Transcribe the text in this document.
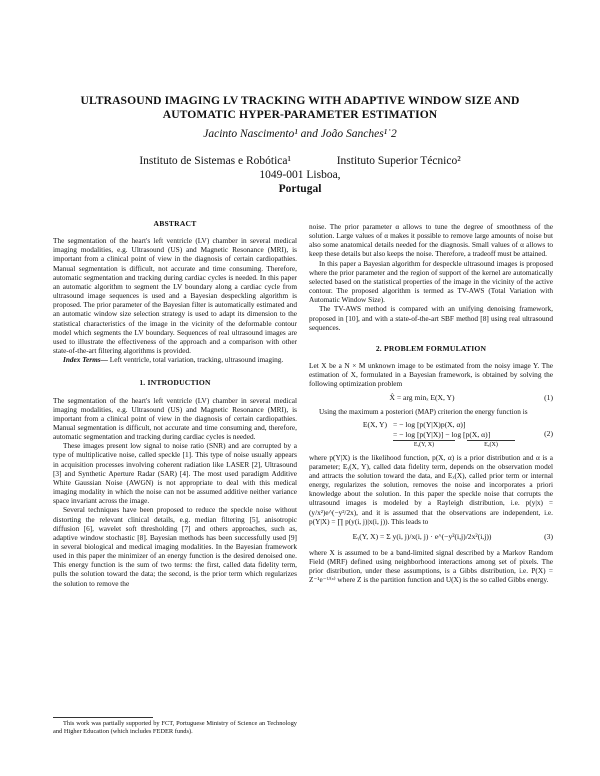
ULTRASOUND IMAGING LV TRACKING WITH ADAPTIVE WINDOW SIZE AND
AUTOMATIC HYPER-PARAMETER ESTIMATION
Jacinto Nascimento¹ and João Sanches¹˙2
Instituto de Sistemas e Robótica¹	Instituto Superior Técnico²
1049-001 Lisboa,
Portugal
ABSTRACT

The segmentation of the heart's left ventricle (LV) chamber in several medical imaging modalities, e.g. Ultrasound (US) and Magnetic Resonance (MRI), is important from a clinical point of view in the diagnosis of certain cardiopathies. Manual segmentation is difficult, not accurate and time consuming. Therefore, automatic segmentation and tracking during cardiac cycles is needed. In this paper an automatic algorithm to segment the LV boundary along a cardiac cycle from ultrasound image sequences is used and a Bayesian despeckling algorithm is proposed. The prior parameter of the Bayesian filter is automatically estimated and an automatic window size selection strategy is used to adapt its dimension to the statistical characteristics of the image in the vicinity of the deformable contour model which segments the LV boundary. Sequences of real ultrasound images are used to illustrate the effectiveness of the approach and a comparison with other state-of-the-art filtering algorithms is provided.

Index Terms— Left ventricle, total variation, tracking, ultrasound imaging.

1. INTRODUCTION

The segmentation of the heart's left ventricle (LV) chamber in several medical imaging modalities, e.g. Ultrasound (US) and Magnetic Resonance (MRI), is important from a clinical point of view in the diagnosis of certain cardiopathies. Manual segmentation is difficult, not accurate and time consuming and, therefore, automatic segmentation and tracking during cardiac cycles is needed.

These images present low signal to noise ratio (SNR) and are corrupted by a type of multiplicative noise, called speckle [1]. This type of noise usually appears in acquisition processes involving coherent radiation like LASER [2], Ultrasound [3] and Synthetic Aperture Radar (SAR) [4]. The most used paradigm Additive White Gaussian Noise (AWGN) is not appropriate to deal with this medical imaging modality in which the noise can not be assumed additive neither variance space invariant across the image.

Several techniques have been proposed to reduce the speckle noise without distorting the relevant clinical details, e.g. median filtering [5], anisotropic diffusion [6], wavelet soft thresholding [7] and others approaches, such as, adaptive window stochastic [8]. Bayesian methods has been successfully used [9] in several biological and medical imaging modalities. In the Bayesian framework used in this paper the minimizer of an energy function is the desired denoised one. This energy function is the sum of two terms: the first, called data fidelity term, pulls the solution toward the data; the second, is the prior term which regularizes the solution to remove the

This work was partially supported by FCT, Portuguese Ministry of Science an Technology and Higher Education (which includes FEDER funds).

noise. The prior parameter α allows to tune the degree of smoothness of the solution. Large values of α makes it possible to remove large amounts of noise but also some anatomical details needed for the diagnosis. Small values of α allows to keep these details but also keeps the noise. Therefore, a tradeoff must be attained.

In this paper a Bayesian algorithm for despeckle ultrasound images is proposed where the prior parameter and the region of support of the kernel are automatically selected based on the statistical properties of the image in the vicinity of the active contour. The proposed algorithm is termed as TV-AWS (Total Variation with Automatic Window Size).

The TV-AWS method is compared with an unifying denoising framework, proposed in [10], and with a state-of-the-art SBF method [8] using real ultrasound sequences.

2. PROBLEM FORMULATION

Let X be a N × M unknown image to be estimated from the noisy image Y. The estimation of X, formulated in a Bayesian framework, is obtained by solving the following optimization problem

X̂ = arg minₓ E(X, Y)	(1)

Using the maximum a posteriori (MAP) criterion the energy function is

E(X, Y) = − log [p(Y|X)p(X, α)]
= − log [p(Y|X)] − log [p(X, α)]
Eᵧ(Y, X)	Eₓ(X)
(2)

where p(Y|X) is the likelihood function, p(X, α) is a prior distribution and α is a parameter; Eᵧ(X, Y), called data fidelity term, depends on the observation model and attracts the solution toward the data, and Eₓ(X), called prior term or internal energy, regularizes the solution, removes the noise and incorporates a priori knowledge about the solution. In this paper the speckle noise that corrupts the ultrasound images is modeled by a Rayleigh distribution, i.e. p(y|x) = (y/x²)e^(−y²/2x), and it is assumed that the observations are independent, i.e. p(Y|X) = ∏ p(y(i, j)|x(i, j)). This leads to

Eᵧ(Y, X) = Σ y(i, j)/x(i, j) · e^(−y²(i,j)/2x²(i,j))	(3)

where X is assumed to be a band-limited signal described by a Markov Random Field (MRF) defined using neighborhood interactions among set of pixels. The prior distribution, under these assumptions, is a Gibbs distribution, i.e. P(X) = Z⁻¹e⁻ᵁ⁽ˣ⁾ where Z is the partition function and U(X) is the so called Gibbs energy.
